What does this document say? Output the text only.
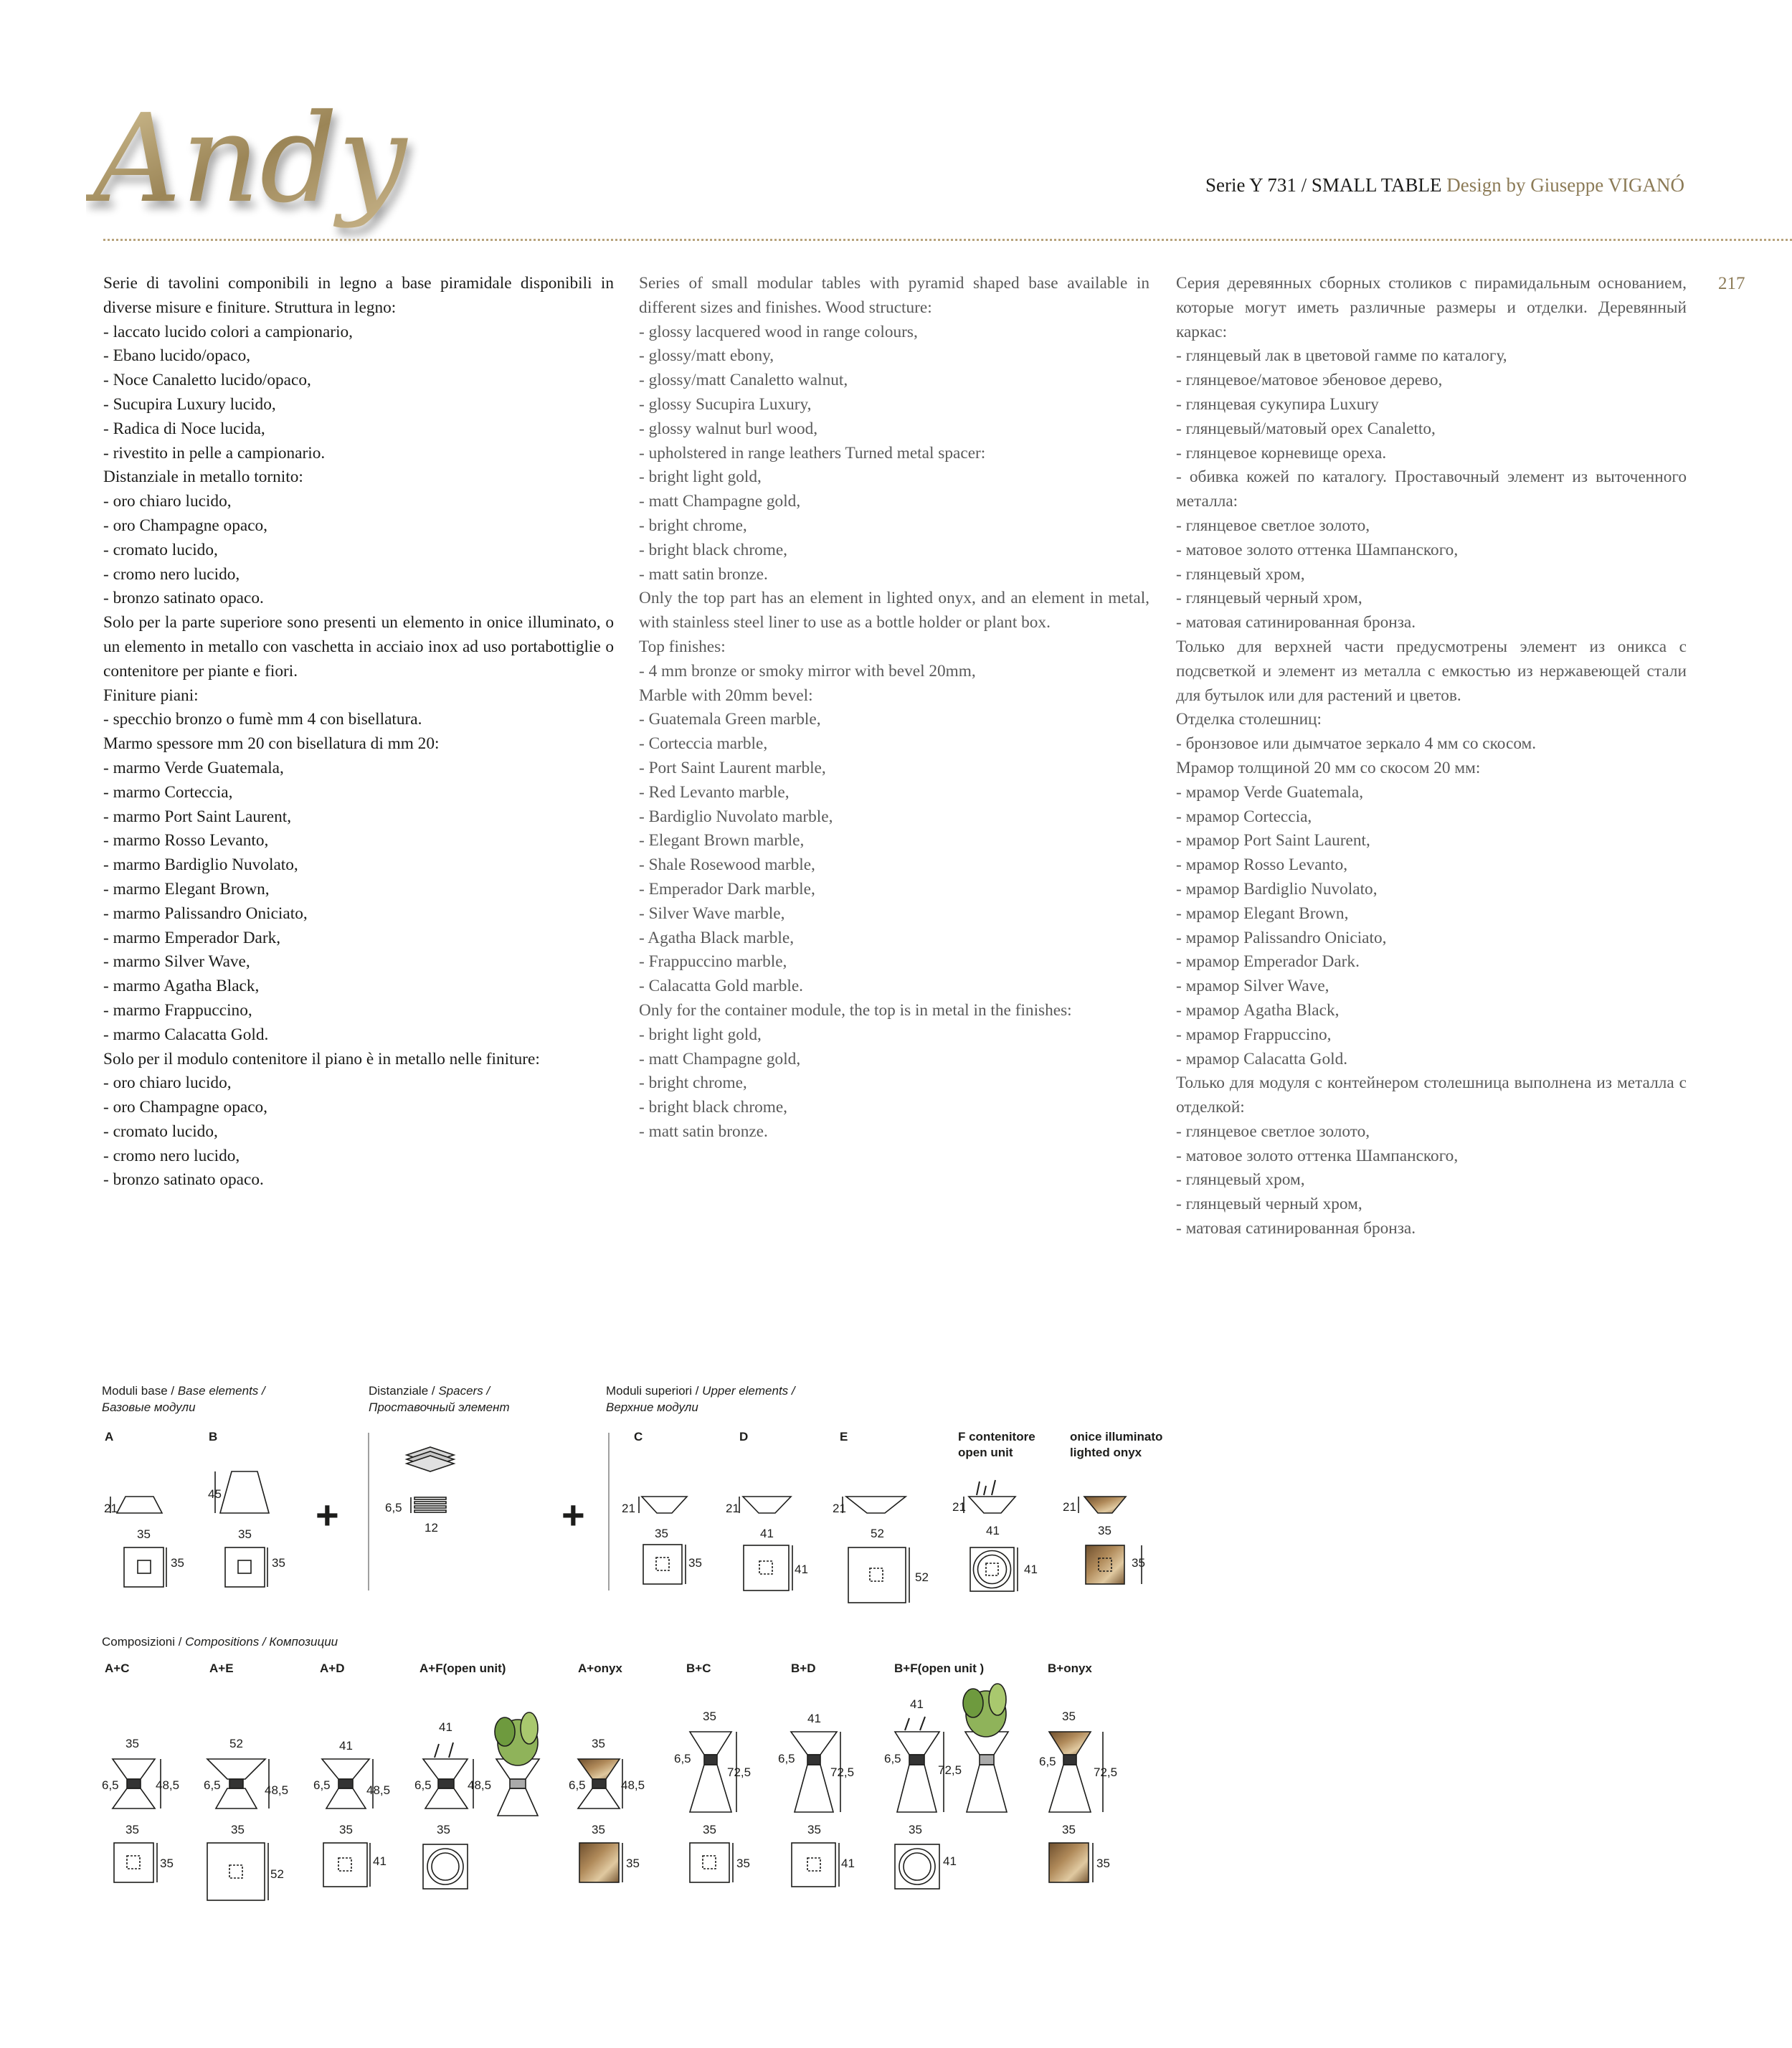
Andy	Serie Y 731 / SMALL TABLE Design by Giuseppe VIGANÓ
217
Serie di tavolini componibili in legno a base piramidale disponibili in diverse misure e finiture. Struttura in legno:
- laccato lucido colori a campionario,
- Ebano lucido/opaco,
- Noce Canaletto lucido/opaco,
- Sucupira Luxury lucido,
- Radica di Noce lucida,
- rivestito in pelle a campionario.
Distanziale in metallo tornito:
- oro chiaro lucido,
- oro Champagne opaco,
- cromato lucido,
- cromo nero lucido,
- bronzo satinato opaco.
Solo per la parte superiore sono presenti un elemento in onice illuminato, o un elemento in metallo con vaschetta in acciaio inox ad uso portabottiglie o contenitore per piante e fiori.
Finiture piani:
- specchio bronzo o fumè mm 4 con bisellatura.
Marmo spessore mm 20 con bisellatura di mm 20:
- marmo Verde Guatemala,
- marmo Corteccia,
- marmo Port Saint Laurent,
- marmo Rosso Levanto,
- marmo Bardiglio Nuvolato,
- marmo Elegant Brown,
- marmo Palissandro Oniciato,
- marmo Emperador Dark,
- marmo Silver Wave,
- marmo Agatha Black,
- marmo Frappuccino,
- marmo Calacatta Gold.
Solo per il modulo contenitore il piano è in metallo nelle finiture:
- oro chiaro lucido,
- oro Champagne opaco,
- cromato lucido,
- cromo nero lucido,
- bronzo satinato opaco.
Series of small modular tables with pyramid shaped base available in different sizes and finishes. Wood structure:
- glossy lacquered wood in range colours,
- glossy/matt ebony,
- glossy/matt Canaletto walnut,
- glossy Sucupira Luxury,
- glossy walnut burl wood,
- upholstered in range leathers Turned metal spacer:
- bright light gold,
- matt Champagne gold,
- bright chrome,
- bright black chrome,
- matt satin bronze.
Only the top part has an element in lighted onyx, and an element in metal, with stainless steel liner to use as a bottle holder or plant box.
Top finishes:
- 4 mm bronze or smoky mirror with bevel 20mm,
Marble with 20mm bevel:
- Guatemala Green marble,
- Corteccia marble,
- Port Saint Laurent marble,
- Red Levanto marble,
- Bardiglio Nuvolato marble,
- Elegant Brown marble,
- Shale Rosewood marble,
- Emperador Dark marble,
- Silver Wave marble,
- Agatha Black marble,
- Frappuccino marble,
- Calacatta Gold marble.
Only for the container module, the top is in metal in the finishes:
- bright light gold,
- matt Champagne gold,
- bright chrome,
- bright black chrome,
- matt satin bronze.
Серия деревянных сборных столиков с пирамидальным основанием, которые могут иметь различные размеры и отделки. Деревянный каркас:
- глянцевый лак в цветовой гамме по каталогу,
- глянцевое/матовое эбеновое дерево,
- глянцевая сукупира Luxury
- глянцевый/матовый орех Canaletto,
- глянцевое корневище ореха.
- обивка кожей по каталогу. Проставочный элемент из выточенного металла:
- глянцевое светлое золото,
- матовое золото оттенка Шампанского,
- глянцевый хром,
- глянцевый черный хром,
- матовая сатинированная бронза.
Только для верхней части предусмотрены элемент из оникса с подсветкой и элемент из металла с емкостью из нержавеющей стали для бутылок или для растений и цветов.
Отделка столешниц:
- бронзовое или дымчатое зеркало 4 мм со скосом.
Мрамор толщиной 20 мм со скосом 20 мм:
- мрамор Verde Guatemala,
- мрамор Corteccia,
- мрамор Port Saint Laurent,
- мрамор Rosso Levanto,
- мрамор Bardiglio Nuvolato,
- мрамор Elegant Brown,
- мрамор Palissandro Oniciato,
- мрамор Emperador Dark.
- мрамор Silver Wave,
- мрамор Agatha Black,
- мрамор Frappuccino,
- мрамор Calacatta Gold.
Только для модуля с контейнером столешница выполнена из металла с отделкой:
- глянцевое светлое золото,
- матовое золото оттенка Шампанского,
- глянцевый хром,
- глянцевый черный хром,
- матовая сатинированная бронза.
Moduli base / Base elements /
Базовые модули
Distanziale / Spacers /
Проставочный элемент
Moduli superiori / Upper elements /
Верхние модули
Composizioni / Compositions / Композиции
A	B	C	D	E	F contenitore
open unit
onice illuminato
lighted onyx
A+C	A+E	A+D	A+F(open unit)	A+onyx	B+C	B+D	B+F(open unit )	B+onyx
+	+
21
35
35
45
35
35
6,5
12
21
35
35
21
41
41
21
52
52
21
41
41
21
35
35
35
6,5	48,5
35
35
52
6,5	48,5
35
52
41
6,5	48,5
35
41
41
6,5	48,5
35
35
6,5	48,5
35
35
35
6,5
72,5
35
35
41
6,5
72,5
35
41
41
6,5
72,5
35
41
35
6,5
72,5
35
35
